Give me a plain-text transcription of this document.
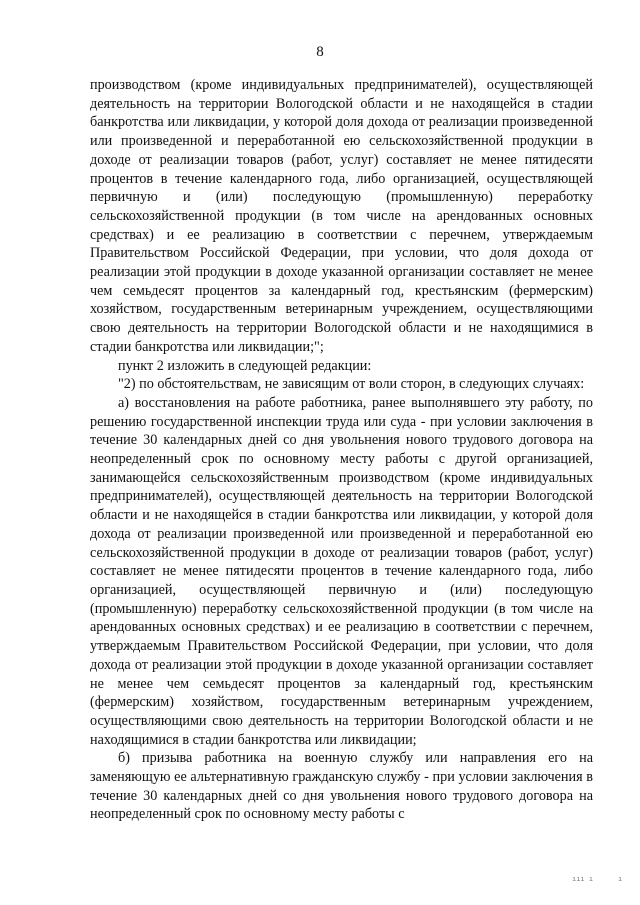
8

производством (кроме индивидуальных предпринимателей), осуществляющей деятельность на территории Вологодской области и не находящейся в стадии банкротства или ликвидации, у которой доля дохода от реализации произведенной или произведенной и переработанной ею сельскохозяйственной продукции в доходе от реализации товаров (работ, услуг) составляет не менее пятидесяти процентов в течение календарного года, либо организацией, осуществляющей первичную и (или) последующую (промышленную) переработку сельскохозяйственной продукции (в том числе на арендованных основных средствах) и ее реализацию в соответствии с перечнем, утверждаемым Правительством Российской Федерации, при условии, что доля дохода от реализации этой продукции в доходе указанной организации составляет не менее чем семьдесят процентов за календарный год, крестьянским (фермерским) хозяйством, государственным ветеринарным учреждением, осуществляющими свою деятельность на территории Вологодской области и не находящимися в стадии банкротства или ликвидации;";

пункт 2 изложить в следующей редакции:

"2) по обстоятельствам, не зависящим от воли сторон, в следующих случаях:

а) восстановления на работе работника, ранее выполнявшего эту работу, по решению государственной инспекции труда или суда - при условии заключения в течение 30 календарных дней со дня увольнения нового трудового договора на неопределенный срок по основному месту работы с другой организацией, занимающейся сельскохозяйственным производством (кроме индивидуальных предпринимателей), осуществляющей деятельность на территории Вологодской области и не находящейся в стадии банкротства или ликвидации, у которой доля дохода от реализации произведенной или произведенной и переработанной ею сельскохозяйственной продукции в доходе от реализации товаров (работ, услуг) составляет не менее пятидесяти процентов в течение календарного года, либо организацией, осуществляющей первичную и (или) последующую (промышленную) переработку сельскохозяйственной продукции (в том числе на арендованных основных средствах) и ее реализацию в соответствии с перечнем, утверждаемым Правительством Российской Федерации, при условии, что доля дохода от реализации этой продукции в доходе указанной организации составляет не менее чем семьдесят процентов за календарный год, крестьянским (фермерским) хозяйством, государственным ветеринарным учреждением, осуществляющими свою деятельность на территории Вологодской области и не находящимися в стадии банкротства или ликвидации;

б) призыва работника на военную службу или направления его на заменяющую ее альтернативную гражданскую службу - при условии заключения в течение 30 календарных дней со дня увольнения нового трудового договора на неопределенный срок по основному месту работы с

ııı ı	ı
